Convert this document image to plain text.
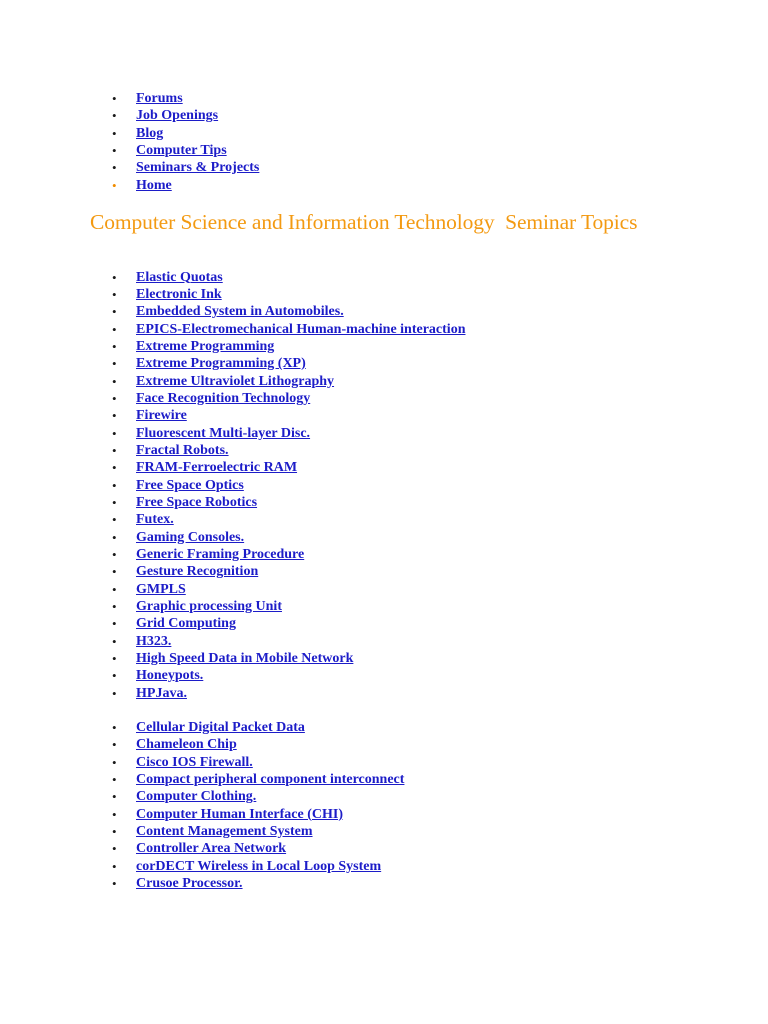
•	Forums
•	Job Openings
•	Blog
•	Computer Tips
•	Seminars & Projects
•	Home
Computer Science and Information Technology  Seminar Topics
•	Elastic Quotas
•	Electronic Ink
•	Embedded System in Automobiles.
•	EPICS-Electromechanical Human-machine interaction
•	Extreme Programming
•	Extreme Programming (XP)
•	Extreme Ultraviolet Lithography
•	Face Recognition Technology
•	Firewire
•	Fluorescent Multi-layer Disc.
•	Fractal Robots.
•	FRAM-Ferroelectric RAM
•	Free Space Optics
•	Free Space Robotics
•	Futex.
•	Gaming Consoles.
•	Generic Framing Procedure
•	Gesture Recognition
•	GMPLS
•	Graphic processing Unit
•	Grid Computing
•	H323.
•	High Speed Data in Mobile Network
•	Honeypots.
•	HPJava.
•	Cellular Digital Packet Data
•	Chameleon Chip
•	Cisco IOS Firewall.
•	Compact peripheral component interconnect
•	Computer Clothing.
•	Computer Human Interface (CHI)
•	Content Management System
•	Controller Area Network
•	corDECT Wireless in Local Loop System
•	Crusoe Processor.
